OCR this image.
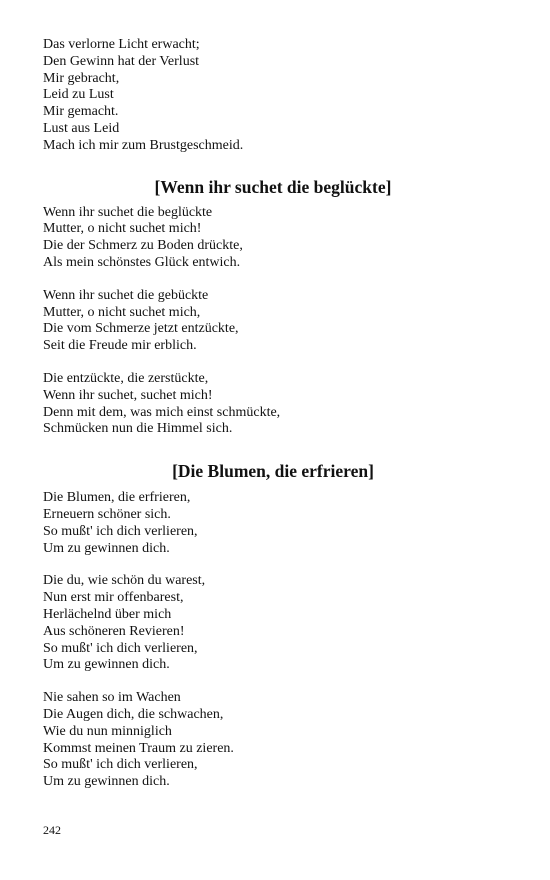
Das verlorne Licht erwacht;
Den Gewinn hat der Verlust
Mir gebracht,
Leid zu Lust
Mir gemacht.
Lust aus Leid
Mach ich mir zum Brustgeschmeid.
[Wenn ihr suchet die beglückte]
Wenn ihr suchet die beglückte
Mutter, o nicht suchet mich!
Die der Schmerz zu Boden drückte,
Als mein schönstes Glück entwich.
Wenn ihr suchet die gebückte
Mutter, o nicht suchet mich,
Die vom Schmerze jetzt entzückte,
Seit die Freude mir erblich.
Die entzückte, die zerstückte,
Wenn ihr suchet, suchet mich!
Denn mit dem, was mich einst schmückte,
Schmücken nun die Himmel sich.
[Die Blumen, die erfrieren]
Die Blumen, die erfrieren,
Erneuern schöner sich.
So mußt' ich dich verlieren,
Um zu gewinnen dich.
Die du, wie schön du warest,
Nun erst mir offenbarest,
Herlächelnd über mich
Aus schöneren Revieren!
So mußt' ich dich verlieren,
Um zu gewinnen dich.
Nie sahen so im Wachen
Die Augen dich, die schwachen,
Wie du nun minniglich
Kommst meinen Traum zu zieren.
So mußt' ich dich verlieren,
Um zu gewinnen dich.
242
